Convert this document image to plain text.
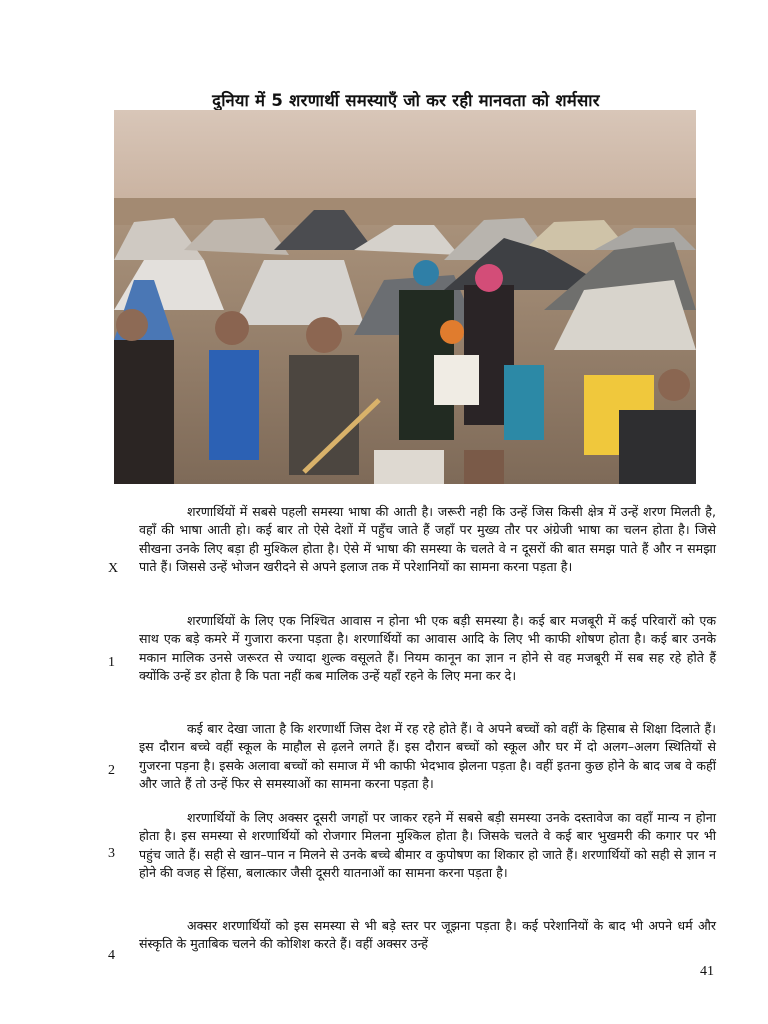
दुनिया में 5 शरणार्थी समस्याएँ जो कर रही मानवता को शर्मसार

शरणार्थियों में सबसे पहली समस्या भाषा की आती है। जरूरी नही कि उन्हें जिस किसी क्षेत्र में उन्हें शरण मिलती है, वहाँ की भाषा आती हो। कई बार तो ऐसे देशों में पहुँच जाते हैं जहाँ पर मुख्य तौर पर अंग्रेजी भाषा का चलन होता है। जिसे सीखना उनके लिए बड़ा ही मुश्किल होता है। ऐसे में भाषा की समस्या के चलते वे न दूसरों की बात समझ पाते हैं और न समझा पाते हैं। जिससे उन्हें भोजन खरीदने से अपने इलाज तक में परेशानियों का सामना करना पड़ता है।

शरणार्थियों के लिए एक निश्चित आवास न होना भी एक बड़ी समस्या है। कई बार मजबूरी में कई परिवारों को एक साथ एक बड़े कमरे में गुजारा करना पड़ता है। शरणार्थियों का आवास आदि के लिए भी काफी शोषण होता है। कई बार उनके मकान मालिक उनसे जरूरत से ज्यादा शुल्क वसूलते हैं। नियम कानून का ज्ञान न होने से वह मजबूरी में सब सह रहे होते हैं क्योंकि उन्हें डर होता है कि पता नहीं कब मालिक उन्हें यहाँ रहने के लिए मना कर दे।

कई बार देखा जाता है कि शरणार्थी जिस देश में रह रहे होते हैं। वे अपने बच्चों को वहीं के हिसाब से शिक्षा दिलाते हैं। इस दौरान बच्चे वहीं स्कूल के माहौल से ढ़लने लगते हैं। इस दौरान बच्चों को स्कूल और घर में दो अलग–अलग स्थितियों से गुजरना पड़ना है। इसके अलावा बच्चों को समाज में भी काफी भेदभाव झेलना पड़ता है। वहीं इतना कुछ होने के बाद जब वे कहीं और जाते हैं तो उन्हें फिर से समस्याओं का सामना करना पड़ता है।

शरणार्थियों के लिए अक्सर दूसरी जगहों पर जाकर रहने में सबसे बड़ी समस्या उनके दस्तावेज का वहाँ मान्य न होना होता है। इस समस्या से शरणार्थियों को रोजगार मिलना मुश्किल होता है। जिसके चलते वे कई बार भुखमरी की कगार पर भी पहुंच जाते हैं। सही से खान–पान न मिलने से उनके बच्चे बीमार व कुपोषण का शिकार हो जाते हैं। शरणार्थियों को सही से ज्ञान न होने की वजह से हिंसा, बलात्कार जैसी दूसरी यातनाओं का सामना करना पड़ता है।

अक्सर शरणार्थियों को इस समस्या से भी बड़े स्तर पर जूझना पड़ता है। कई परेशानियों के बाद भी अपने धर्म और संस्कृति के मुताबिक चलने की कोशिश करते हैं। वहीं अक्सर उन्हें

X
1
2
3
4
41
